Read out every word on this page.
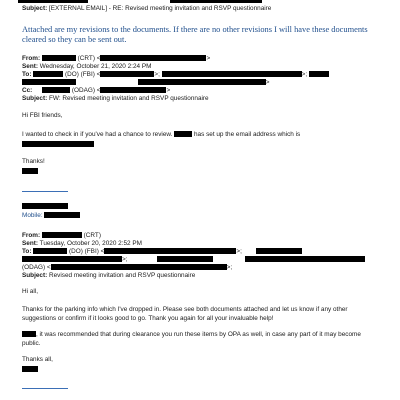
Subject: [EXTERNAL EMAIL] - RE: Revised meeting invitation and RSVP questionnaire
Attached are my revisions to the documents. If there are no other revisions I will have these documents
cleared so they can be sent out.
From:	(CRT) <	>
Sent: Wednesday, October 21, 2020 2:24 PM
To:	(DO) (FBI) <	>;	>;
>
Cc:	(ODAG) <	>
Subject: FW: Revised meeting invitation and RSVP questionnaire
Hi FBI friends,
I wanted to check in if you've had a chance to review.	has set up the email address which is
Thanks!
Mobile:
From:	(CRT)
Sent: Tuesday, October 20, 2020 2:52 PM
To:	(DO) (FBI) <	>;
>;
(ODAG) <	>;
Subject: Revised meeting invitation and RSVP questionnaire
Hi all,
Thanks for the parking info which I've dropped in. Please see both documents attached and let us know if any other
suggestions or confirm if it looks good to go. Thank you again for all your invaluable help!
, it was recommended that during clearance you run these items by OPA as well, in case any part of it may become
public.
Thanks all,
